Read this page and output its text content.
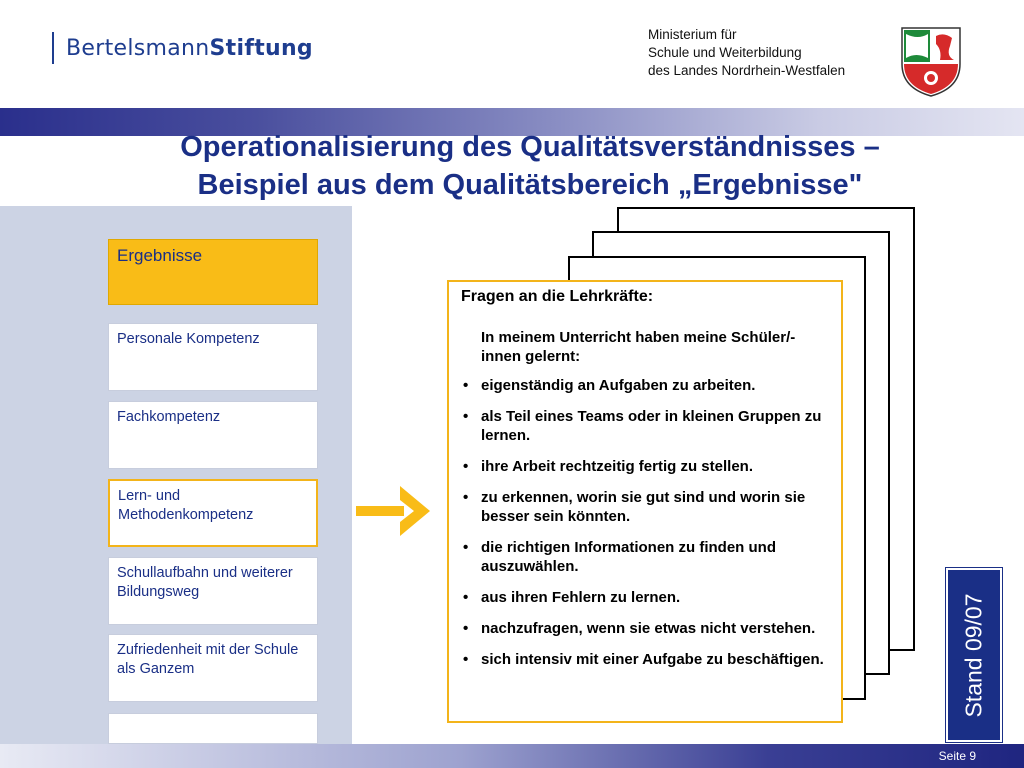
BertelsmannStiftung
Ministerium für
Schule und Weiterbildung
des Landes Nordrhein-Westfalen
Operationalisierung des Qualitätsverständnisses –
Beispiel aus dem Qualitätsbereich „Ergebnisse"
Ergebnisse
Personale Kompetenz
Fachkompetenz
Lern- und Methodenkompetenz
Schullaufbahn und weiterer Bildungsweg
Zufriedenheit mit der Schule als Ganzem
Fragen an die Lehrkräfte:
In meinem Unterricht haben meine Schüler/-innen gelernt:
• eigenständig an Aufgaben zu arbeiten.
• als Teil eines Teams oder in kleinen Gruppen zu lernen.
• ihre Arbeit rechtzeitig fertig zu stellen.
• zu erkennen, worin sie gut sind und worin sie besser sein könnten.
• die richtigen Informationen zu finden und auszuwählen.
• aus ihren Fehlern zu lernen.
• nachzufragen, wenn sie etwas nicht verstehen.
• sich intensiv mit einer Aufgabe zu beschäftigen.	Stand 09/07
Seite 9
